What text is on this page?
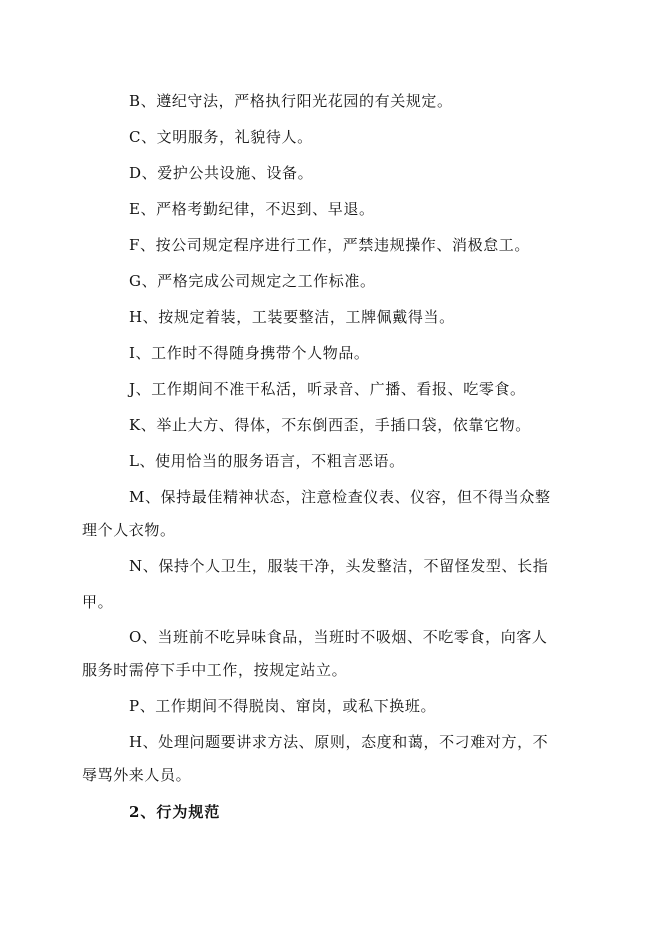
B、遵纪守法，严格执行阳光花园的有关规定。
C、文明服务，礼貌待人。
D、爱护公共设施、设备。
E、严格考勤纪律，不迟到、早退。
F、按公司规定程序进行工作，严禁违规操作、消极怠工。
G、严格完成公司规定之工作标准。
H、按规定着装，工装要整洁，工牌佩戴得当。
I、工作时不得随身携带个人物品。
J、工作期间不准干私活，听录音、广播、看报、吃零食。
K、举止大方、得体，不东倒西歪，手插口袋，依靠它物。
L、使用恰当的服务语言，不粗言恶语。
M、保持最佳精神状态，注意检查仪表、仪容，但不得当众整
理个人衣物。
N、保持个人卫生，服装干净，头发整洁，不留怪发型、长指
甲。
O、当班前不吃异味食品，当班时不吸烟、不吃零食，向客人
服务时需停下手中工作，按规定站立。
P、工作期间不得脱岗、窜岗，或私下换班。
H、处理问题要讲求方法、原则，态度和蔼，不刁难对方，不
辱骂外来人员。
2、行为规范
